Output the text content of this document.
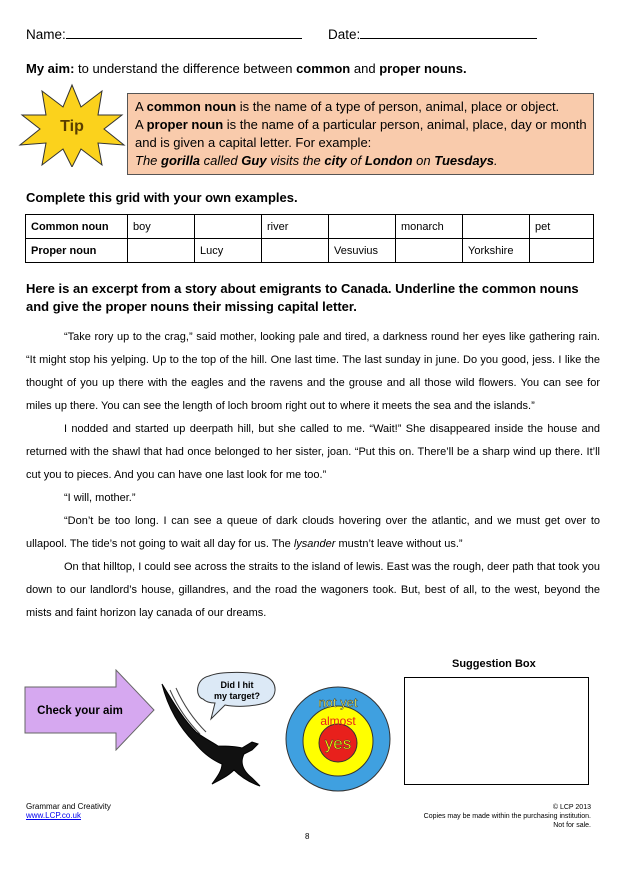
Name:	Date:
My aim: to understand the difference between common and proper nouns.
Tip
A common noun is the name of a type of person, animal, place or object.
A proper noun is the name of a particular person, animal, place, day or month and is given a capital letter. For example:
The gorilla called Guy visits the city of London on Tuesdays.
Complete this grid with your own examples.
Common noun	boy		river		monarch		pet
Proper noun		Lucy		Vesuvius		Yorkshire	
Here is an excerpt from a story about emigrants to Canada. Underline the common nouns and give the proper nouns their missing capital letter.

“Take rory up to the crag,” said mother, looking pale and tired, a darkness round her eyes like gathering rain. “It might stop his yelping. Up to the top of the hill. One last time. The last sunday in june. Do you good, jess. I like the thought of you up there with the eagles and the ravens and the grouse and all those wild flowers. You can see for miles up there. You can see the length of loch broom right out to where it meets the sea and the islands.”

I nodded and started up deerpath hill, but she called to me. “Wait!” She disappeared inside the house and returned with the shawl that had once belonged to her sister, joan. “Put this on. There’ll be a sharp wind up there. It’ll cut you to pieces. And you can have one last look for me too.”

“I will, mother.”

“Don’t be too long. I can see a queue of dark clouds hovering over the atlantic, and we must get over to ullapool. The tide’s not going to wait all day for us. The lysander mustn’t leave without us.”

On that hilltop, I could see across the straits to the island of lewis. East was the rough, deer path that took you down to our landlord’s house, gillandres, and the road the wagoners took. But, best of all, to the west, beyond the mists and faint horizon lay canada of our dreams.

Check your aim
Did I hit
my target?	not yet
almost
yes
Suggestion Box
Grammar and Creativity
www.LCP.co.uk
8
© LCP 2013
Copies may be made within the purchasing institution.
Not for sale.
